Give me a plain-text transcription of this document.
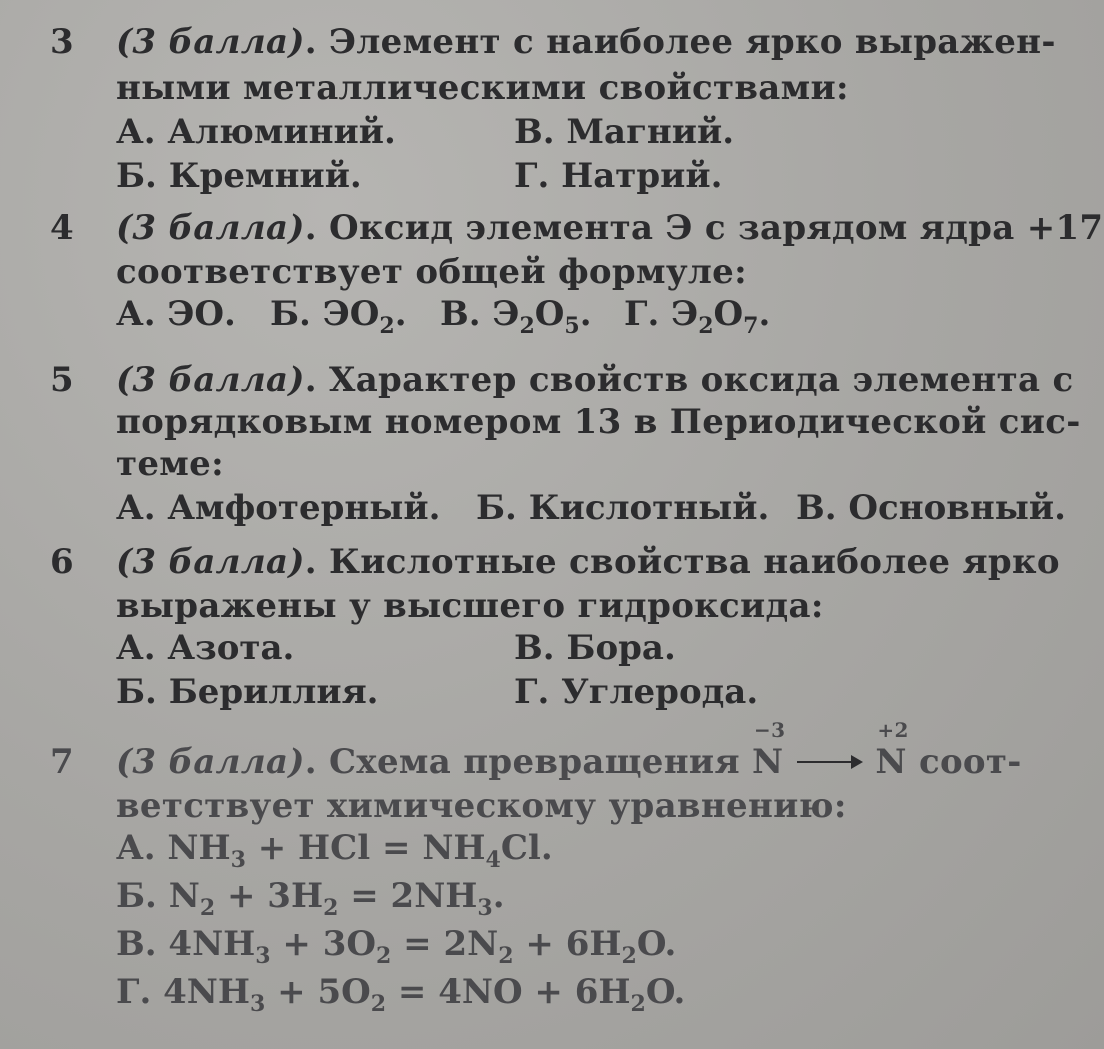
3 (3 балла). Элемент с наиболее ярко выражен-
ными металлическими свойствами:
А. Алюминий.	В. Магний.
Б. Кремний.	Г. Натрий.
4 (3 балла). Оксид элемента Э с зарядом ядра +17
соответствует общей формуле:
А. ЭО. Б. $ЭО_2$. В. $Э_2О_5$. Г. $Э_2О_7$.
5 (3 балла). Характер свойств оксида элемента с
порядковым номером 13 в Периодической сис-
теме:
А. Амфотерный. Б. Кислотный. В. Основный.
6 (3 балла). Кислотные свойства наиболее ярко
выражены у высшего гидроксида:
А. Азота.	В. Бора.
Б. Бериллия.	Г. Углерода.
7 (3 балла). Схема превращения
−3
N
+2
N соот-
ветствует химическому уравнению:
А. $NH_3$ + HCl = $NH_4Cl$.
Б. $N_2 + 3H_2 = 2NH_3$.
В. $4NH_3 + 3O_2 = 2N_2 + 6H_2O$.
Г. $4NH_3 + 5O_2 = 4NO + 6H_2O$.
